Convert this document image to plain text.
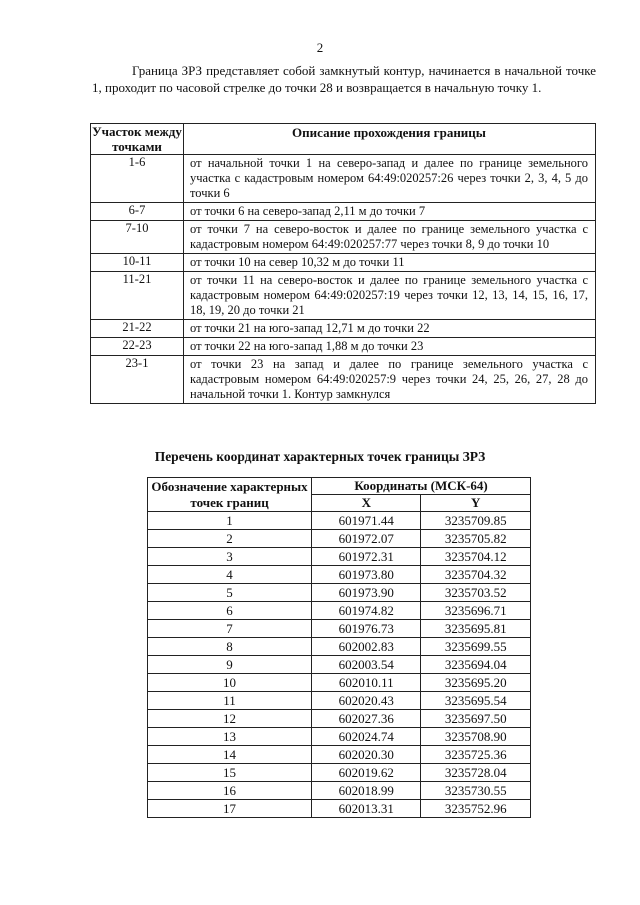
2

Граница ЗРЗ представляет собой замкнутый контур, начинается в начальной точке 1, проходит по часовой стрелке до точки 28 и возвращается в начальную точку 1.

Участок между точками	Описание прохождения границы
1-6	от начальной точки 1 на северо-запад и далее по границе земельного участка с кадастровым номером 64:49:020257:26 через точки 2, 3, 4, 5 до точки 6
6-7	от точки 6 на северо-запад 2,11 м до точки 7
7-10	от точки 7 на северо-восток и далее по границе земельного участка с кадастровым номером 64:49:020257:77 через точки 8, 9 до точки 10
10-11	от точки 10 на север 10,32 м до точки 11
11-21	от точки 11 на северо-восток и далее по границе земельного участка с кадастровым номером 64:49:020257:19 через точки 12, 13, 14, 15, 16, 17, 18, 19, 20 до точки 21
21-22	от точки 21 на юго-запад 12,71 м до точки 22
22-23	от точки 22 на юго-запад 1,88 м до точки 23
23-1	от точки 23 на запад и далее по границе земельного участка с кадастровым номером 64:49:020257:9 через точки 24, 25, 26, 27, 28 до начальной точки 1. Контур замкнулся
Перечень координат характерных точек границы ЗРЗ
Обозначение характерных точек границ	Координаты (МСК-64)	
	X	Y
1	601971.44	3235709.85
2	601972.07	3235705.82
3	601972.31	3235704.12
4	601973.80	3235704.32
5	601973.90	3235703.52
6	601974.82	3235696.71
7	601976.73	3235695.81
8	602002.83	3235699.55
9	602003.54	3235694.04
10	602010.11	3235695.20
11	602020.43	3235695.54
12	602027.36	3235697.50
13	602024.74	3235708.90
14	602020.30	3235725.36
15	602019.62	3235728.04
16	602018.99	3235730.55
17	602013.31	3235752.96
